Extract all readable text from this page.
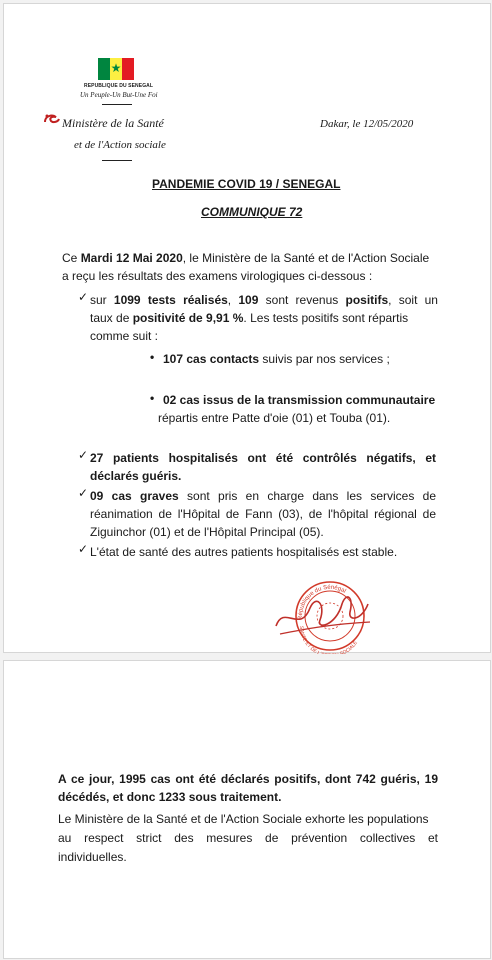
★
REPUBLIQUE DU SENEGAL
Un Peuple-Un But-Une Foi
Ministère de la Santé
et de l'Action sociale
Dakar, le 12/05/2020
PANDEMIE COVID 19 / SENEGAL
COMMUNIQUE 72
Ce Mardi 12 Mai 2020, le Ministère de la Santé et de l'Action Sociale
a reçu les résultats des examens virologiques ci-dessous :
✓ sur 1099 tests réalisés, 109 sont revenus positifs, soit un
taux de positivité de 9,91 %. Les tests positifs sont répartis
comme suit :
• 107 cas contacts suivis par nos services ;
• 02 cas issus de la transmission communautaire
répartis entre Patte d'oie (01) et Touba (01).
✓ 27 patients hospitalisés ont été contrôlés négatifs, et
déclarés guéris.
✓ 09 cas graves sont pris en charge dans les services de
réanimation de l'Hôpital de Fann (03), de l'hôpital régional de
Ziguinchor (01) et de l'Hôpital Principal (05).
✓ L'état de santé des autres patients hospitalisés est stable.
République du Sénégal
SANTE ET DE L OCIALE
A ce jour, 1995 cas ont été déclarés positifs, dont 742 guéris, 19
décédés, et donc 1233 sous traitement.
Le Ministère de la Santé et de l'Action Sociale exhorte les populations
au respect strict des mesures de prévention collectives et
individuelles.
